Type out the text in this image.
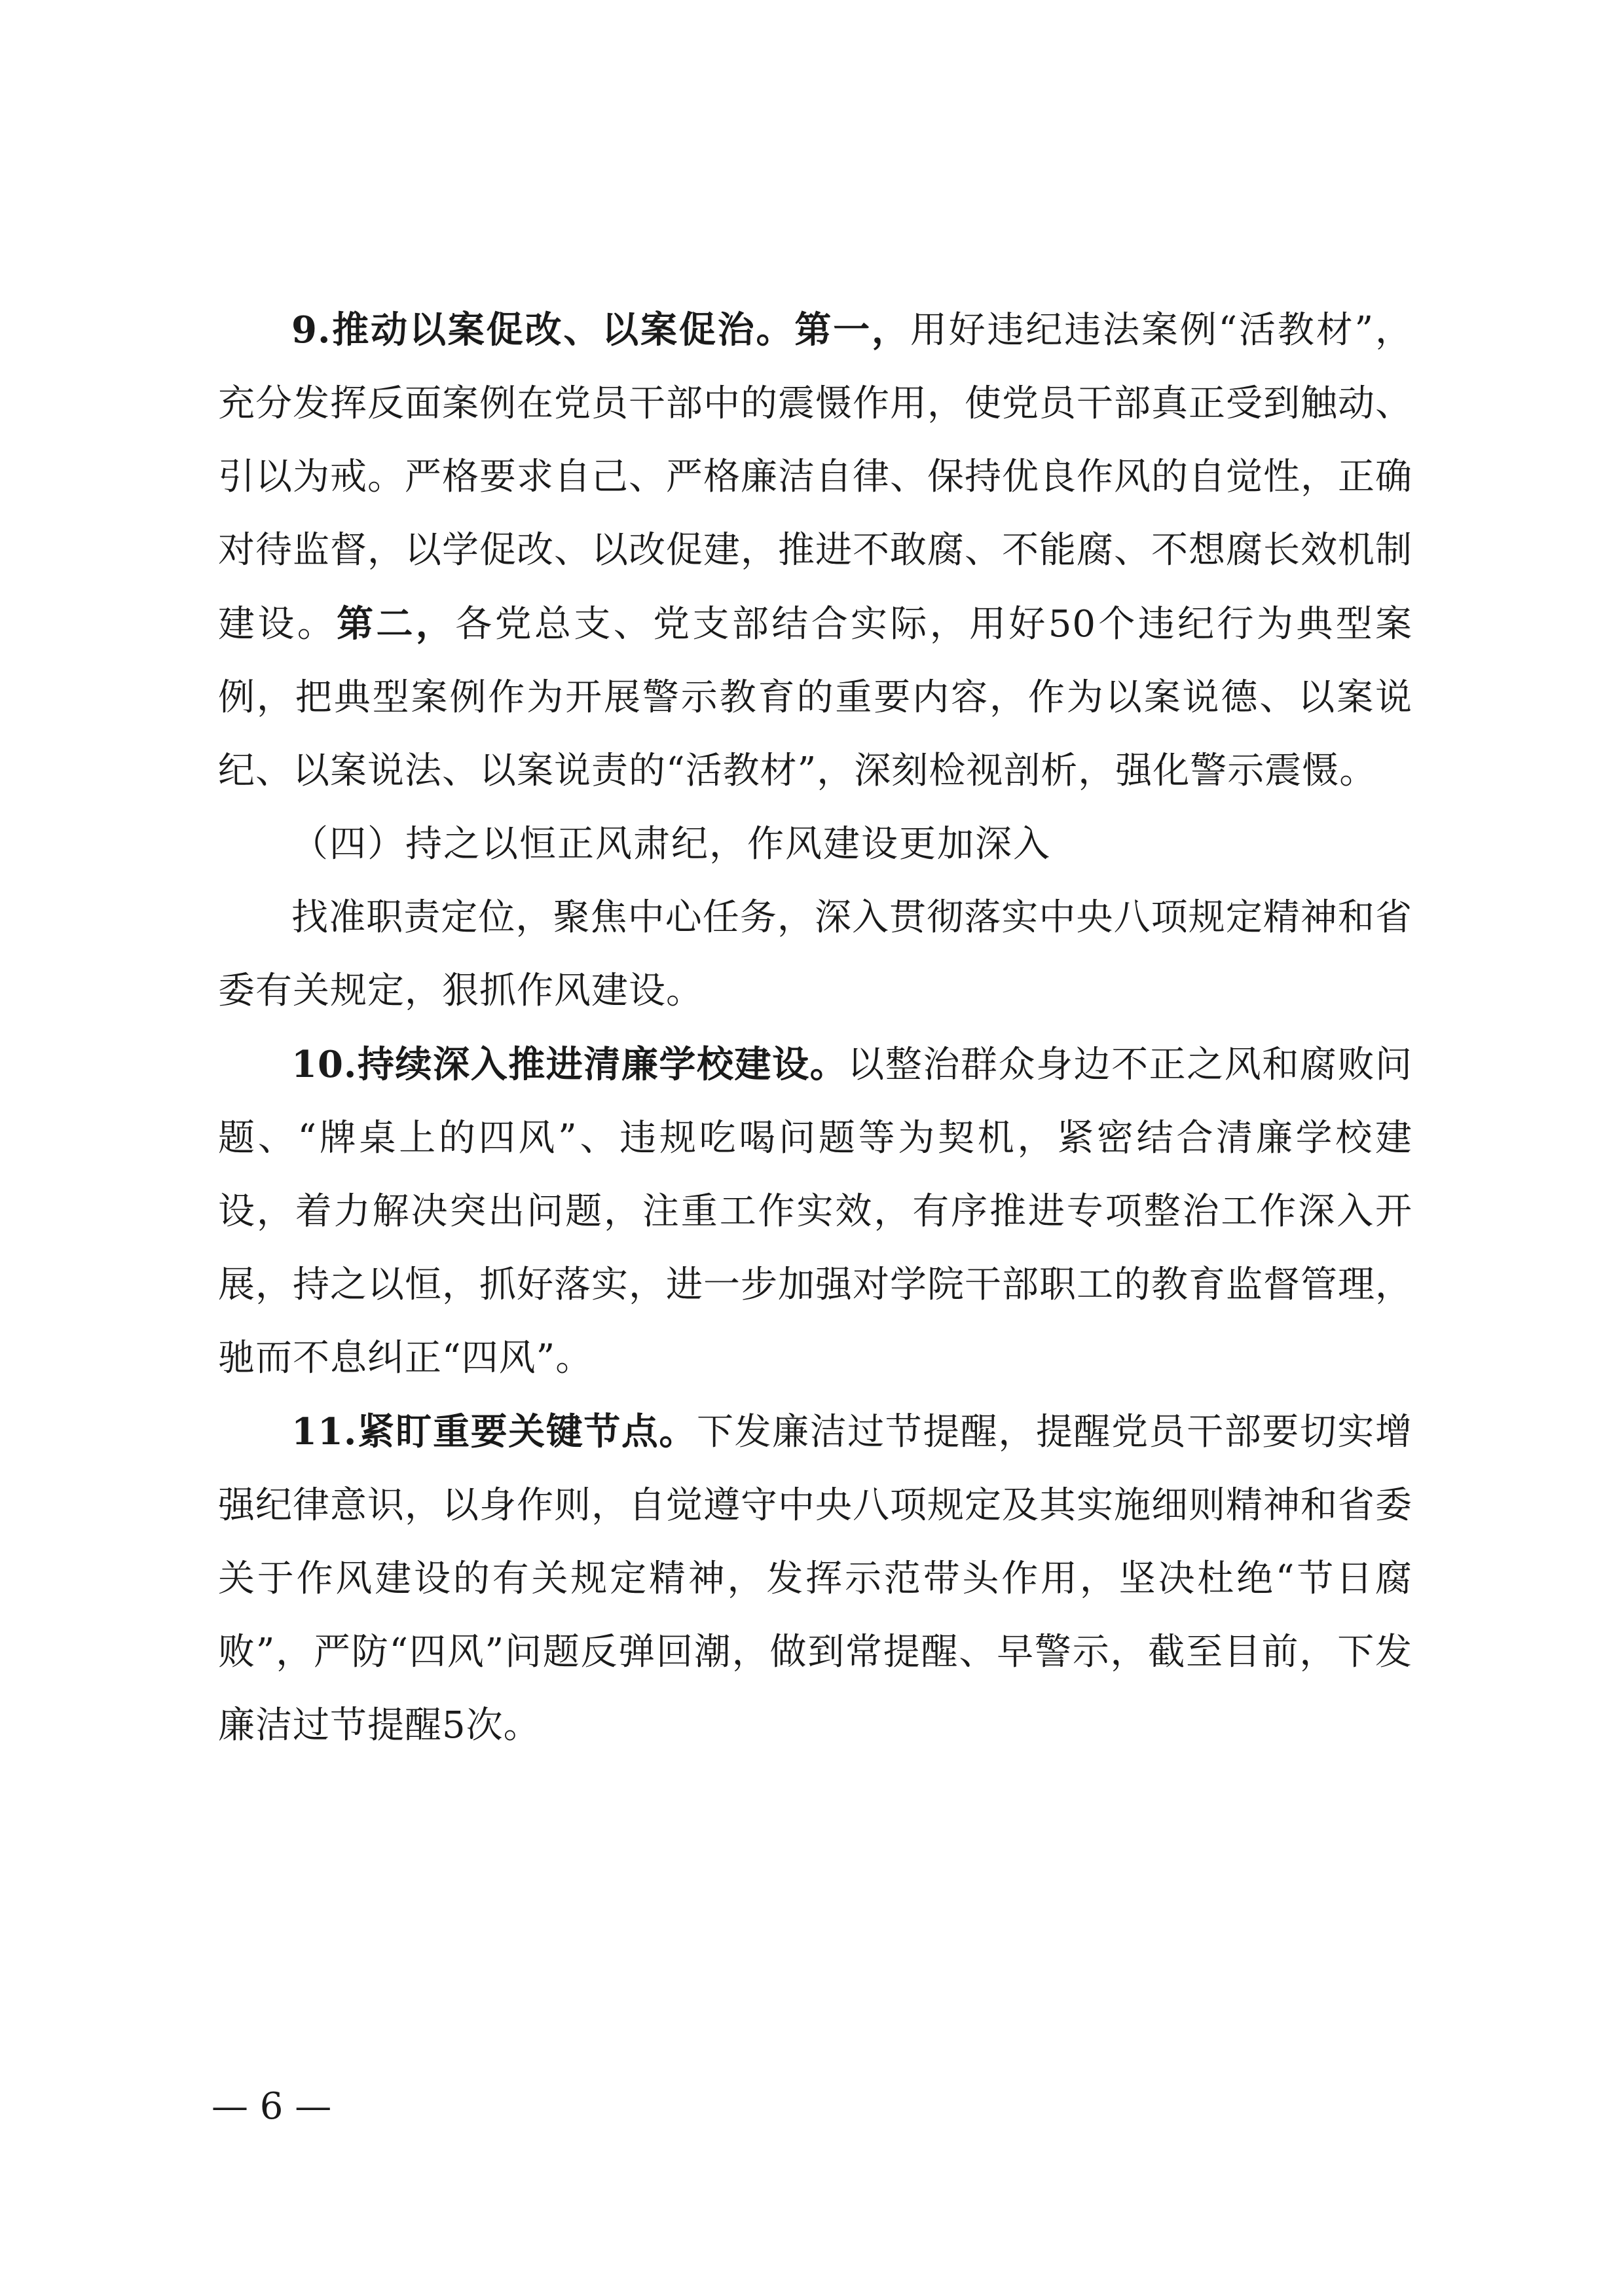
9.推动以案促改、以案促治。第一，用好违纪违法案例“活教材”，充分发挥反面案例在党员干部中的震慑作用，使党员干部真正受到触动、引以为戒。严格要求自己、严格廉洁自律、保持优良作风的自觉性，正确对待监督，以学促改、以改促建，推进不敢腐、不能腐、不想腐长效机制建设。第二，各党总支、党支部结合实际，用好50个违纪行为典型案例，把典型案例作为开展警示教育的重要内容，作为以案说德、以案说纪、以案说法、以案说责的“活教材”，深刻检视剖析，强化警示震慑。

（四）持之以恒正风肃纪，作风建设更加深入

找准职责定位，聚焦中心任务，深入贯彻落实中央八项规定精神和省委有关规定，狠抓作风建设。

10.持续深入推进清廉学校建设。以整治群众身边不正之风和腐败问题、“牌桌上的四风”、违规吃喝问题等为契机，紧密结合清廉学校建设，着力解决突出问题，注重工作实效，有序推进专项整治工作深入开展，持之以恒，抓好落实，进一步加强对学院干部职工的教育监督管理，驰而不息纠正“四风”。

11.紧盯重要关键节点。下发廉洁过节提醒，提醒党员干部要切实增强纪律意识，以身作则，自觉遵守中央八项规定及其实施细则精神和省委关于作风建设的有关规定精神，发挥示范带头作用，坚决杜绝“节日腐败”，严防“四风”问题反弹回潮，做到常提醒、早警示，截至目前，下发廉洁过节提醒5次。

— 6 —
